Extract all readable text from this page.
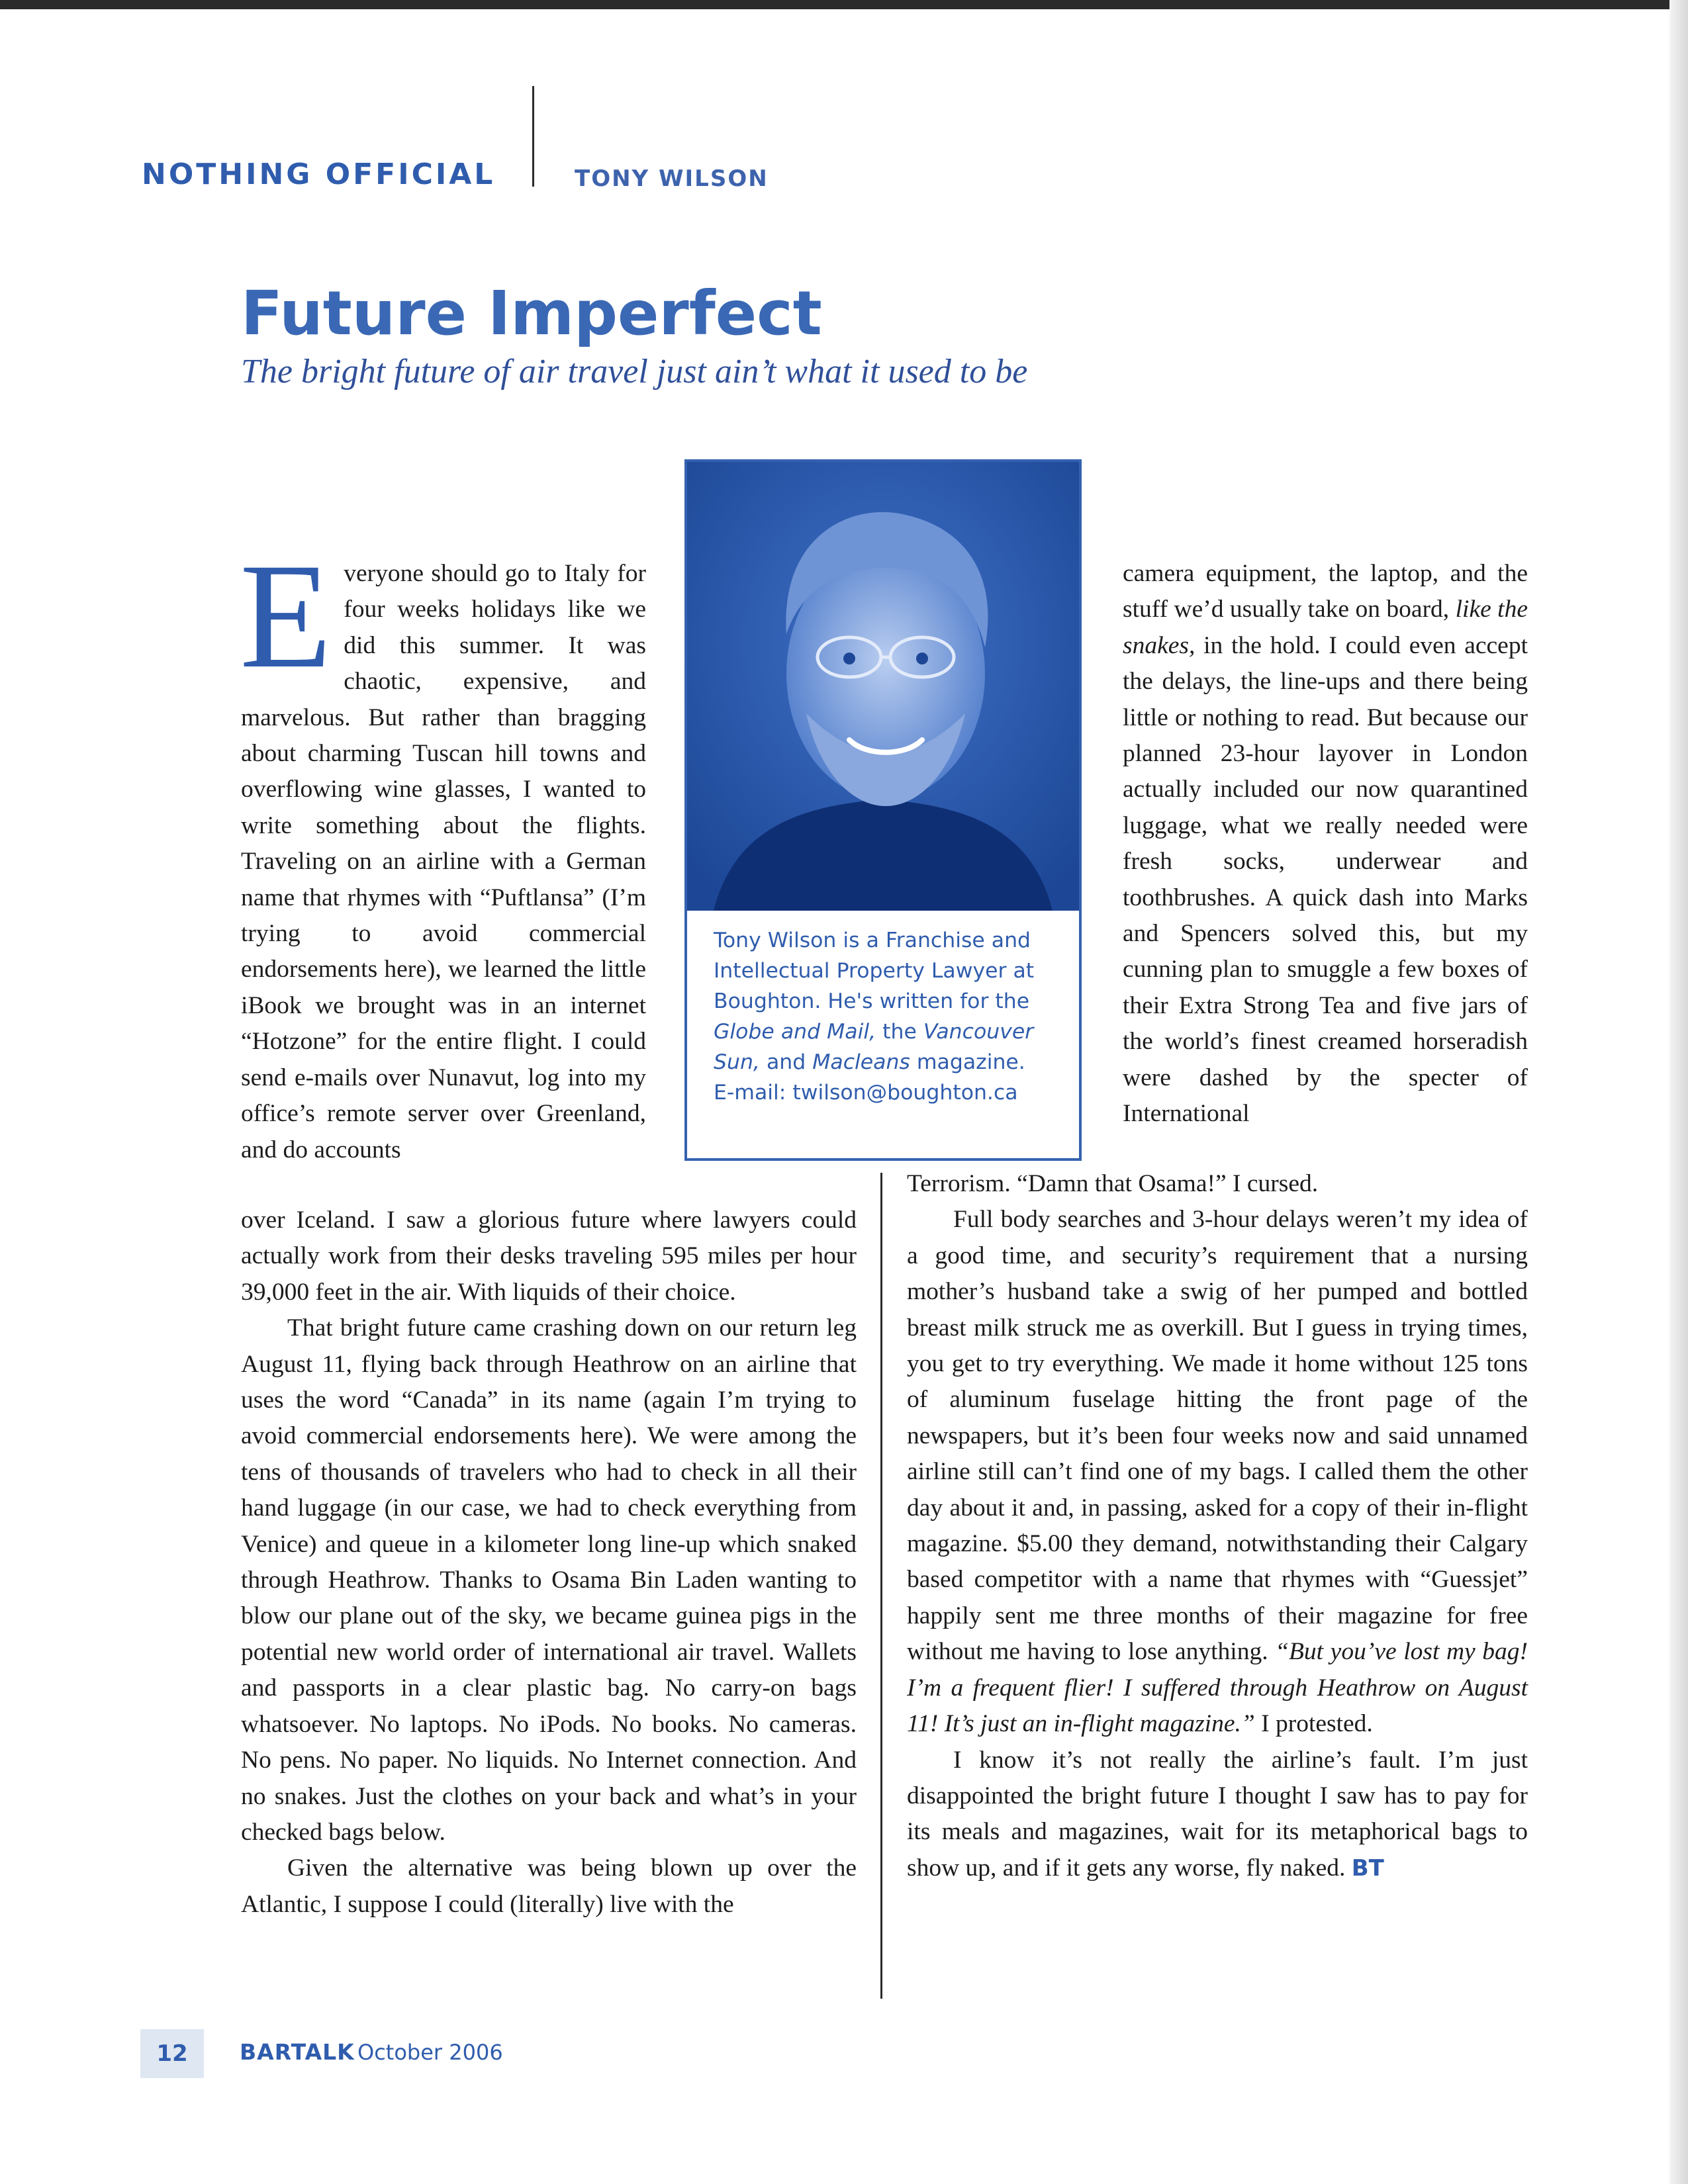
NOTHING OFFICIAL	TONY WILSON
Future Imperfect

The bright future of air travel just ain’t what it used to be

Everyone should go to Italy for four weeks holidays like we did this summer. It was chaotic, expensive, and marvelous. But rather than bragging about charming Tuscan hill towns and overflowing wine glasses, I wanted to write something about the flights. Traveling on an airline with a German name that rhymes with “Puftlansa” (I’m trying to avoid commercial endorsements here), we learned the little iBook we brought was in an internet “Hotzone” for the entire flight. I could send e-mails over Nunavut, log into my office’s remote server over Greenland, and do accounts

Tony Wilson is a Franchise and Intellectual Property Lawyer at Boughton. He's written for the Globe and Mail, the Vancouver Sun, and Macleans magazine.
E-mail: twilson@boughton.ca

over Iceland. I saw a glorious future where lawyers could actually work from their desks traveling 595 miles per hour 39,000 feet in the air. With liquids of their choice.

That bright future came crashing down on our return leg August 11, flying back through Heathrow on an airline that uses the word “Canada” in its name (again I’m trying to avoid commercial endorsements here). We were among the tens of thousands of travelers who had to check in all their hand luggage (in our case, we had to check everything from Venice) and queue in a kilometer long line-up which snaked through Heathrow. Thanks to Osama Bin Laden wanting to blow our plane out of the sky, we became guinea pigs in the potential new world order of international air travel. Wallets and passports in a clear plastic bag. No carry-on bags whatsoever. No laptops. No iPods. No books. No cameras. No pens. No paper. No liquids. No Internet connection. And no snakes. Just the clothes on your back and what’s in your checked bags below.

Given the alternative was being blown up over the Atlantic, I suppose I could (literally) live with the

camera equipment, the laptop, and the stuff we’d usually take on board, like the snakes, in the hold. I could even accept the delays, the line-ups and there being little or nothing to read. But because our planned 23-hour layover in London actually included our now quarantined luggage, what we really needed were fresh socks, underwear and toothbrushes. A quick dash into Marks and Spencers solved this, but my cunning plan to smuggle a few boxes of their Extra Strong Tea and five jars of the world’s finest creamed horseradish were dashed by the specter of International

Terrorism. “Damn that Osama!” I cursed.

Full body searches and 3-hour delays weren’t my idea of a good time, and security’s requirement that a nursing mother’s husband take a swig of her pumped and bottled breast milk struck me as overkill. But I guess in trying times, you get to try everything. We made it home without 125 tons of aluminum fuselage hitting the front page of the newspapers, but it’s been four weeks now and said unnamed airline still can’t find one of my bags. I called them the other day about it and, in passing, asked for a copy of their in-flight magazine. $5.00 they demand, notwithstanding their Calgary based competitor with a name that rhymes with “Guessjet” happily sent me three months of their magazine for free without me having to lose anything. “But you’ve lost my bag! I’m a frequent flier! I suffered through Heathrow on August 11! It’s just an in-flight magazine.” I protested.

I know it’s not really the airline’s fault. I’m just disappointed the bright future I thought I saw has to pay for its meals and magazines, wait for its metaphorical bags to show up, and if it gets any worse, fly naked. BT

12	BARTALK October 2006
